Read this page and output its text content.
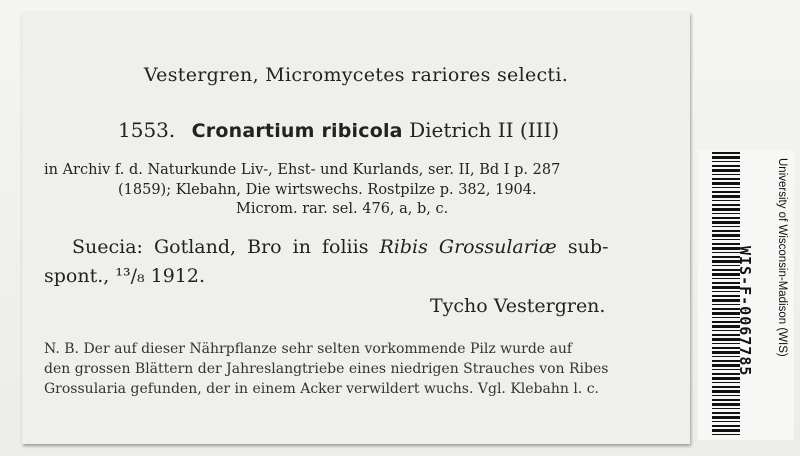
Vestergren, Micromycetes rariores selecti.
1553. Cronartium ribicola Dietrich II (III)
in Archiv f. d. Naturkunde Liv-, Ehst- und Kurlands, ser. II, Bd I p. 287
(1859); Klebahn, Die wirtswechs. Rostpilze p. 382, 1904.
Microm. rar. sel. 476, a, b, c.
Suecia: Gotland, Bro in foliis Ribis Grossulariæ sub-
spont., ¹³/₈ 1912.
Tycho Vestergren.
N. B. Der auf dieser Nährpflanze sehr selten vorkommende Pilz wurde auf
den grossen Blättern der Jahreslangtriebe eines niedrigen Strauches von Ribes
Grossularia gefunden, der in einem Acker verwildert wuchs. Vgl. Klebahn l. c.
WIS-F-0067785 University of Wisconsin-Madison (WIS)
